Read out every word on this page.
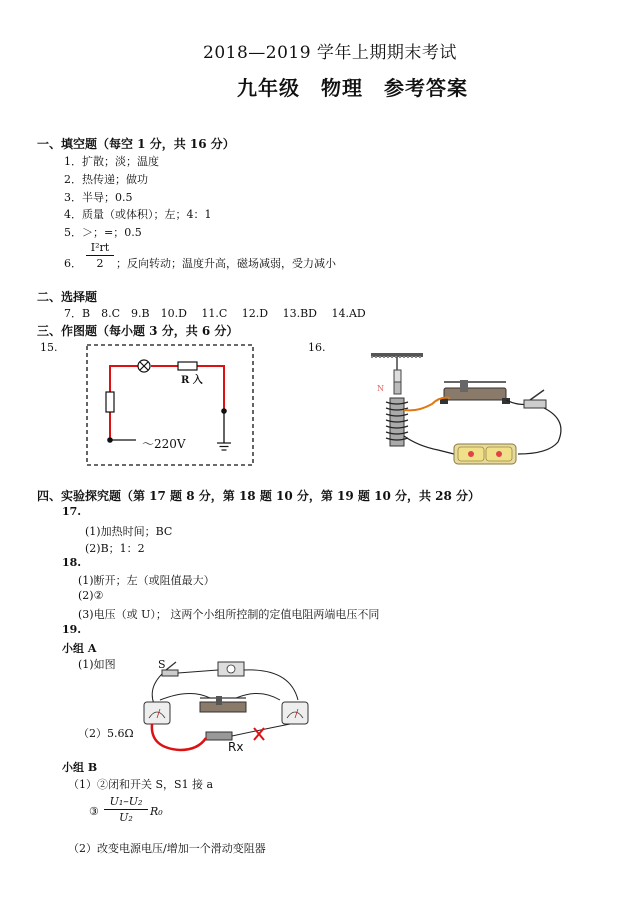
2018—2019 学年上期期末考试
九年级　物理　参考答案
一、填空题（每空 1 分，共 16 分）
1．扩散；淡；温度
2．热传递；做功
3．半导；0.5
4．质量（或体积）；左；4：1
5．＞；=；0.5
6． $\frac{\text{I²rt}}{2}$ ；反向转动；温度升高，磁场减弱，受力减小
二、选择题
7．B　8.C　9.B　10.D　 11.C　 12.D　 13.BD　 14.AD
三、作图题（每小题 3 分，共 6 分）
15.	16.
R 入
～220V
N
四、实验探究题（第 17 题 8 分，第 18 题 10 分，第 19 题 10 分，共 28 分）
17.
(1)加热时间；BC
(2)B；1：2
18.
(1)断开；左（或阻值最大）
(2)②
(3)电压（或 U）； 这两个小组所控制的定值电阻两端电压不同
19.
小组 A
(1)如图
（2）5.6Ω
S
Rx
小组 B
（1）②闭和开关 S，S1 接 a
③ $\frac{\text{U₁–U₂}}{\text{U₂}} R_0$
（2）改变电源电压/增加一个滑动变阻器
